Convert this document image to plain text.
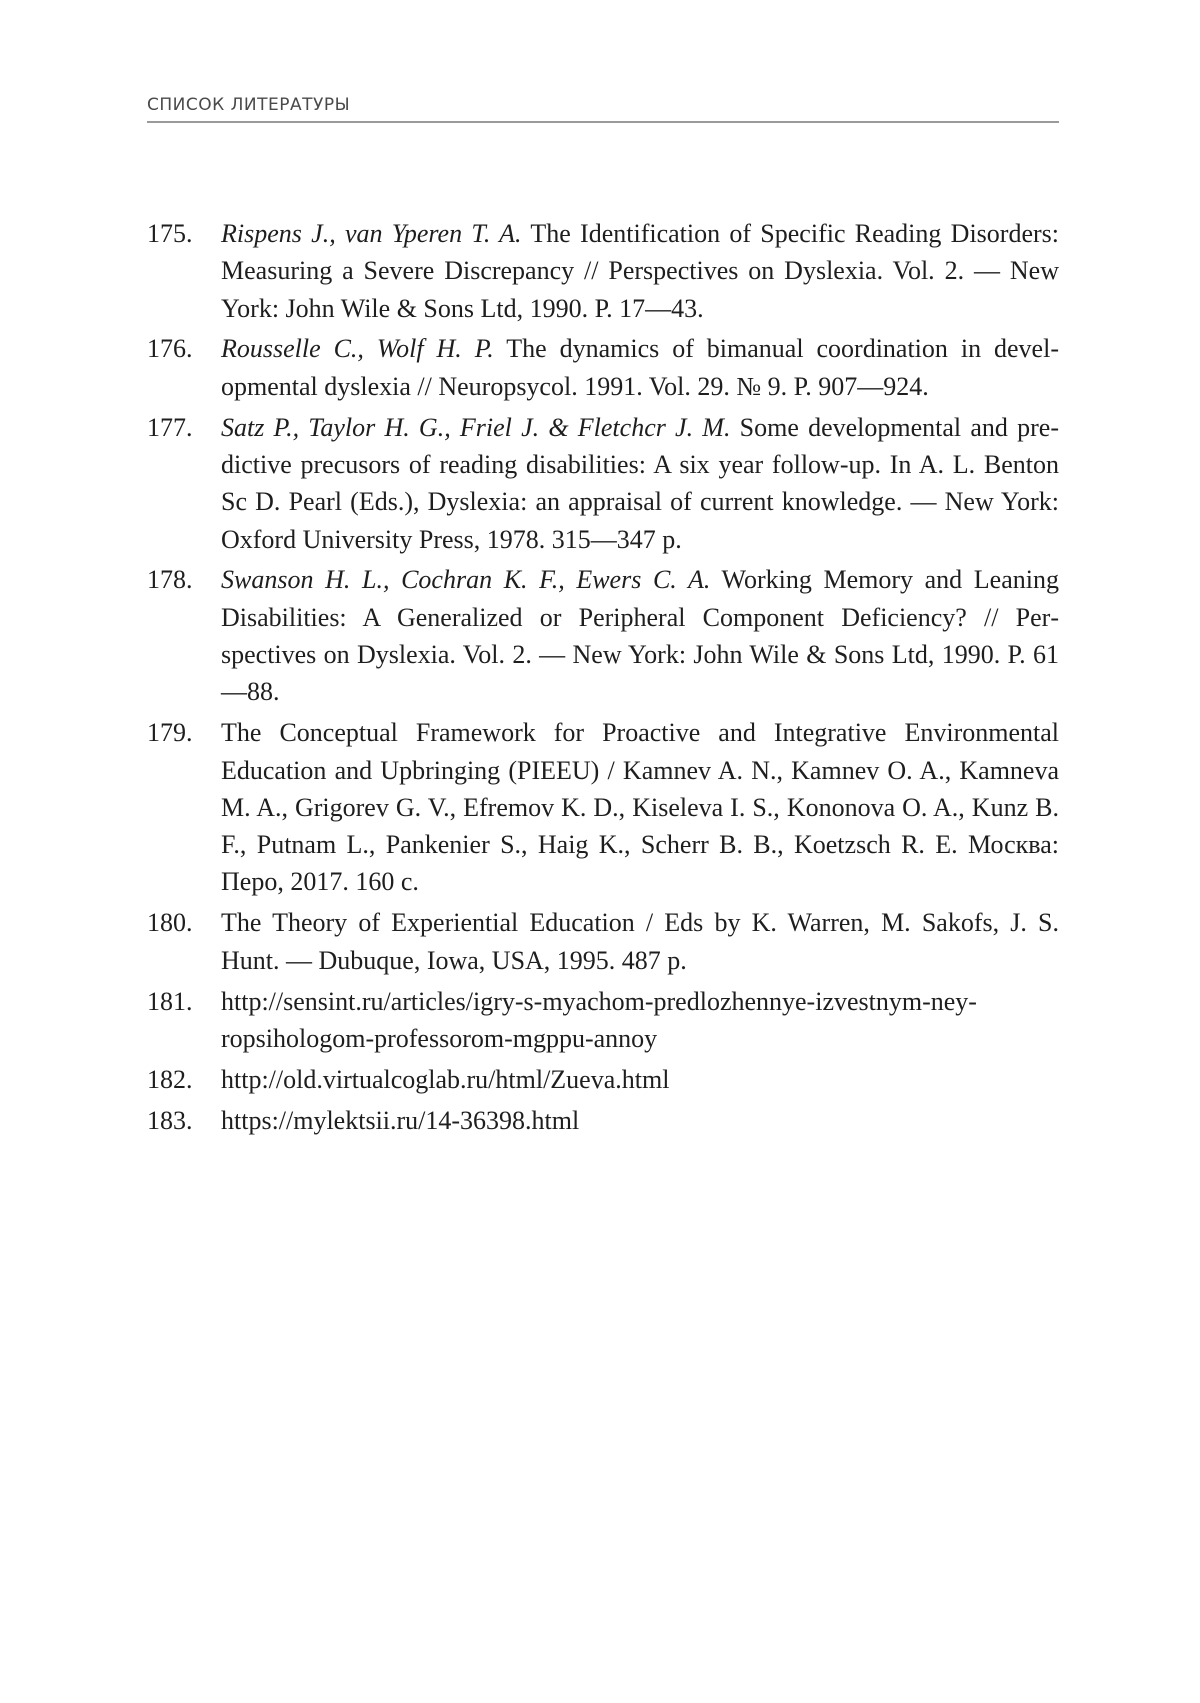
СПИСОК ЛИТЕРАТУРЫ
175.	Rispens J., van Yperen T. A. The Identification of Specific Reading Disorders: Measuring a Severe Discrepancy // Perspectives on Dyslexia. Vol. 2. — New York: John Wile & Sons Ltd, 1990. P. 17—43.
176.	Rousselle C., Wolf H. P. The dynamics of bimanual coordination in developmental dyslexia // Neuropsycol. 1991. Vol. 29. № 9. P. 907—924.
177.	Satz P., Taylor H. G., Friel J. & Fletchcr J. M. Some developmental and predictive precusors of reading disabilities: A six year follow-up. In A. L. Benton Sc D. Pearl (Eds.), Dyslexia: an appraisal of current knowledge. — New York: Oxford University Press, 1978. 315—347 p.
178.	Swanson H. L., Cochran K. F., Ewers C. A. Working Memory and Leaning Disabilities: A Generalized or Peripheral Component Deficiency? // Perspectives on Dyslexia. Vol. 2. — New York: John Wile & Sons Ltd, 1990. P. 61—88.
179.	The Conceptual Framework for Proactive and Integrative Environmental Education and Upbringing (PIEEU) / Kamnev A. N., Kamnev O. A., Kamneva M. A., Grigorev G. V., Efremov K. D., Kiseleva I. S., Kononova O. A., Kunz B. F., Putnam L., Pankenier S., Haig K., Scherr B. B., Koetzsch R. E. Москва: Перо, 2017. 160 с.
180.	The Theory of Experiential Education / Eds by K. Warren, M. Sakofs, J. S. Hunt. — Dubuque, Iowa, USA, 1995. 487 p.
181.	http://sensint.ru/articles/igry-s-myachom-predlozhennye-izvestnym-neyropsihologom-professorom-mgppu-annoy
182.	http://old.virtualcoglab.ru/html/Zueva.html
183.	https://mylektsii.ru/14-36398.html
